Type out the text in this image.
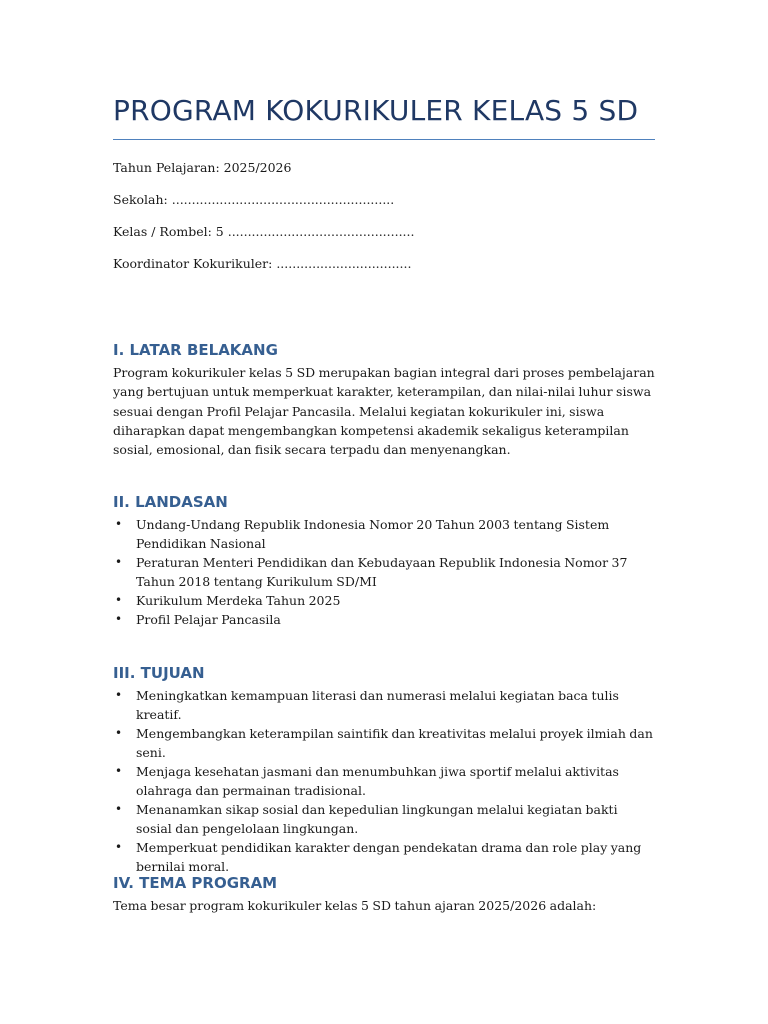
PROGRAM KOKURIKULER KELAS 5 SD

Tahun Pelajaran: 2025/2026

Sekolah: ........................................................

Kelas / Rombel: 5 ...............................................

Koordinator Kokurikuler: ..................................

I. LATAR BELAKANG

Program kokurikuler kelas 5 SD merupakan bagian integral dari proses pembelajaran yang bertujuan untuk memperkuat karakter, keterampilan, dan nilai-nilai luhur siswa sesuai dengan Profil Pelajar Pancasila. Melalui kegiatan kokurikuler ini, siswa diharapkan dapat mengembangkan kompetensi akademik sekaligus keterampilan sosial, emosional, dan fisik secara terpadu dan menyenangkan.

II. LANDASAN
• Undang-Undang Republik Indonesia Nomor 20 Tahun 2003 tentang Sistem Pendidikan Nasional
• Peraturan Menteri Pendidikan dan Kebudayaan Republik Indonesia Nomor 37 Tahun 2018 tentang Kurikulum SD/MI
• Kurikulum Merdeka Tahun 2025
• Profil Pelajar Pancasila
III. TUJUAN
• Meningkatkan kemampuan literasi dan numerasi melalui kegiatan baca tulis kreatif.
• Mengembangkan keterampilan saintifik dan kreativitas melalui proyek ilmiah dan seni.
• Menjaga kesehatan jasmani dan menumbuhkan jiwa sportif melalui aktivitas olahraga dan permainan tradisional.
• Menanamkan sikap sosial dan kepedulian lingkungan melalui kegiatan bakti sosial dan pengelolaan lingkungan.
• Memperkuat pendidikan karakter dengan pendekatan drama dan role play yang bernilai moral.
IV. TEMA PROGRAM

Tema besar program kokurikuler kelas 5 SD tahun ajaran 2025/2026 adalah:
